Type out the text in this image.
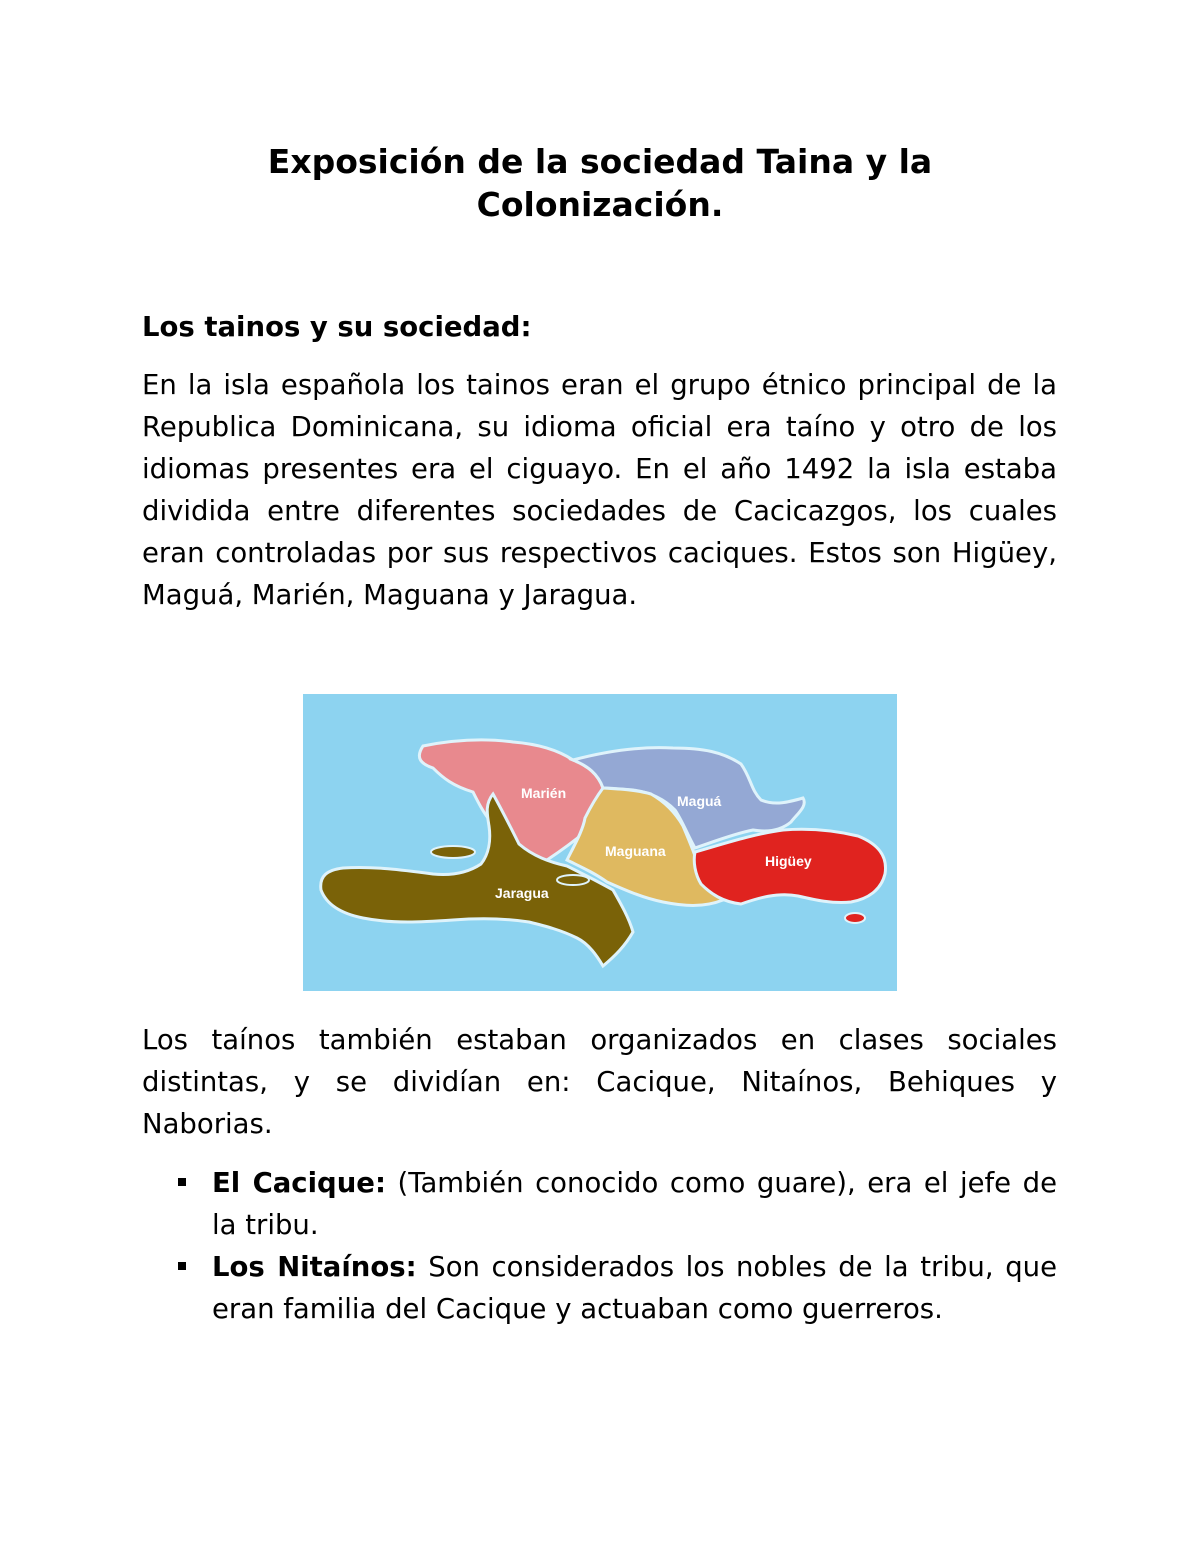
Exposición de la sociedad Taina y la Colonización.
Los tainos y su sociedad:

En la isla española los tainos eran el grupo étnico principal de la Republica Dominicana, su idioma oficial era taíno y otro de los idiomas presentes era el ciguayo. En el año 1492 la isla estaba dividida entre diferentes sociedades de Cacicazgos, los cuales eran controladas por sus respectivos caciques. Estos son Higüey, Maguá, Marién, Maguana y Jaragua.

Marién	Maguá
Maguana
Higüey
Jaragua

Los taínos también estaban organizados en clases sociales distintas, y se dividían en: Cacique, Nitaínos, Behiques y Naborias.

El Cacique: (También conocido como guare), era el jefe de la tribu.
Los Nitaínos: Son considerados los nobles de la tribu, que eran familia del Cacique y actuaban como guerreros.
